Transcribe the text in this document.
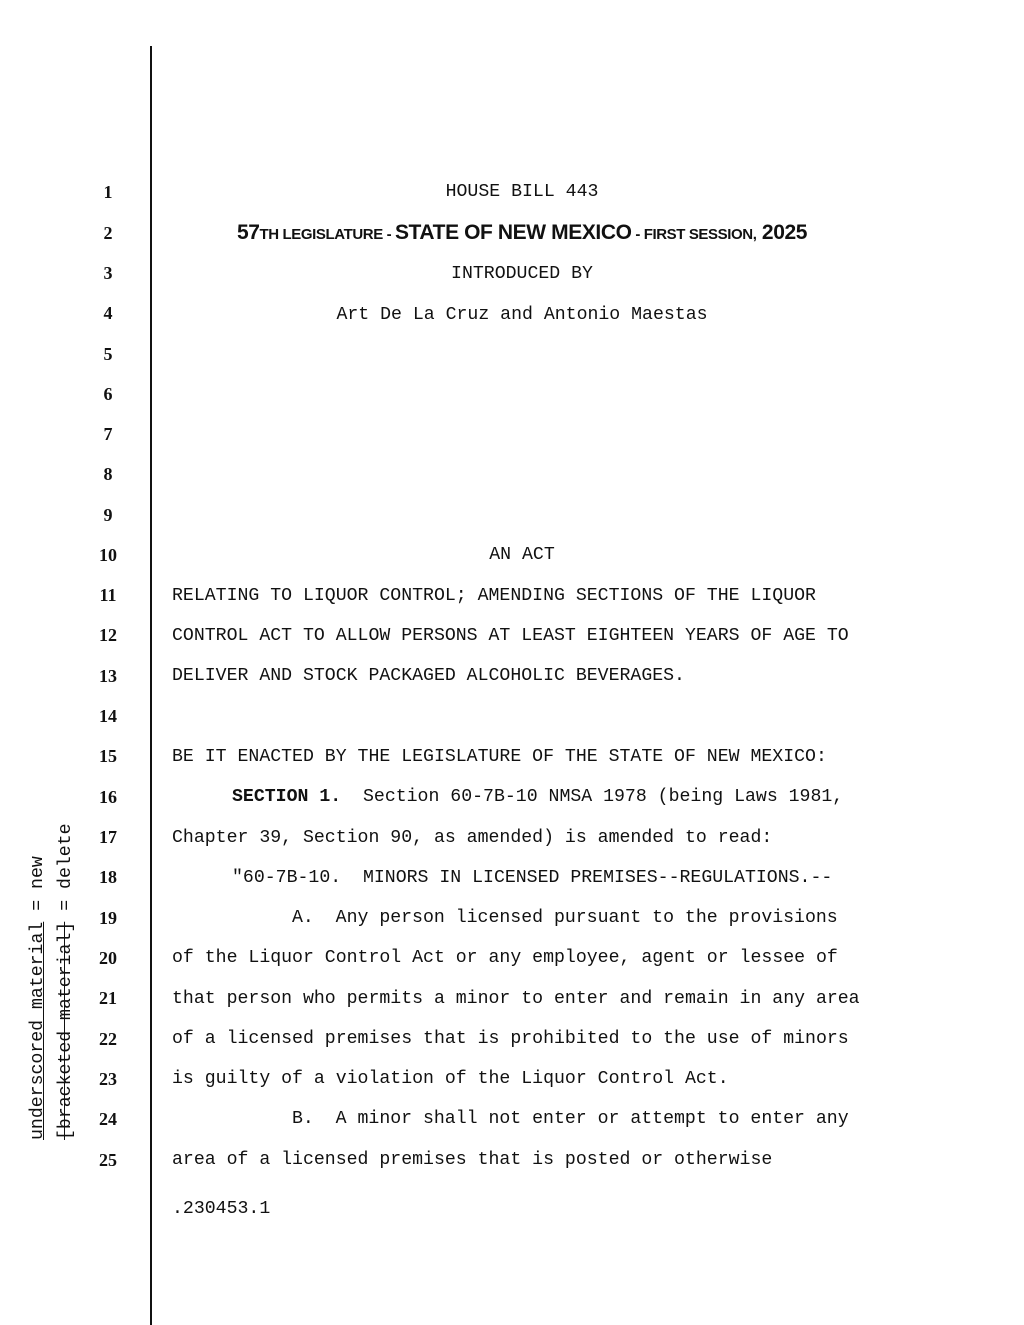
1
2
3
4
5
6
7
8
9
10
11
12
13
14
15
16
17
18
19
20
21
22
23
24
25
HOUSE BILL 443
57TH LEGISLATURE - STATE OF NEW MEXICO - FIRST SESSION, 2025
INTRODUCED BY
Art De La Cruz and Antonio Maestas
AN ACT
RELATING TO LIQUOR CONTROL; AMENDING SECTIONS OF THE LIQUOR
CONTROL ACT TO ALLOW PERSONS AT LEAST EIGHTEEN YEARS OF AGE TO
DELIVER AND STOCK PACKAGED ALCOHOLIC BEVERAGES.
BE IT ENACTED BY THE LEGISLATURE OF THE STATE OF NEW MEXICO:
SECTION 1.  Section 60-7B-10 NMSA 1978 (being Laws 1981,
Chapter 39, Section 90, as amended) is amended to read:
"60-7B-10.  MINORS IN LICENSED PREMISES--REGULATIONS.--
A.  Any person licensed pursuant to the provisions
of the Liquor Control Act or any employee, agent or lessee of
that person who permits a minor to enter and remain in any area
of a licensed premises that is prohibited to the use of minors
is guilty of a violation of the Liquor Control Act.
B.  A minor shall not enter or attempt to enter any
area of a licensed premises that is posted or otherwise
.230453.1
underscored material = new
[bracketed material] = delete
